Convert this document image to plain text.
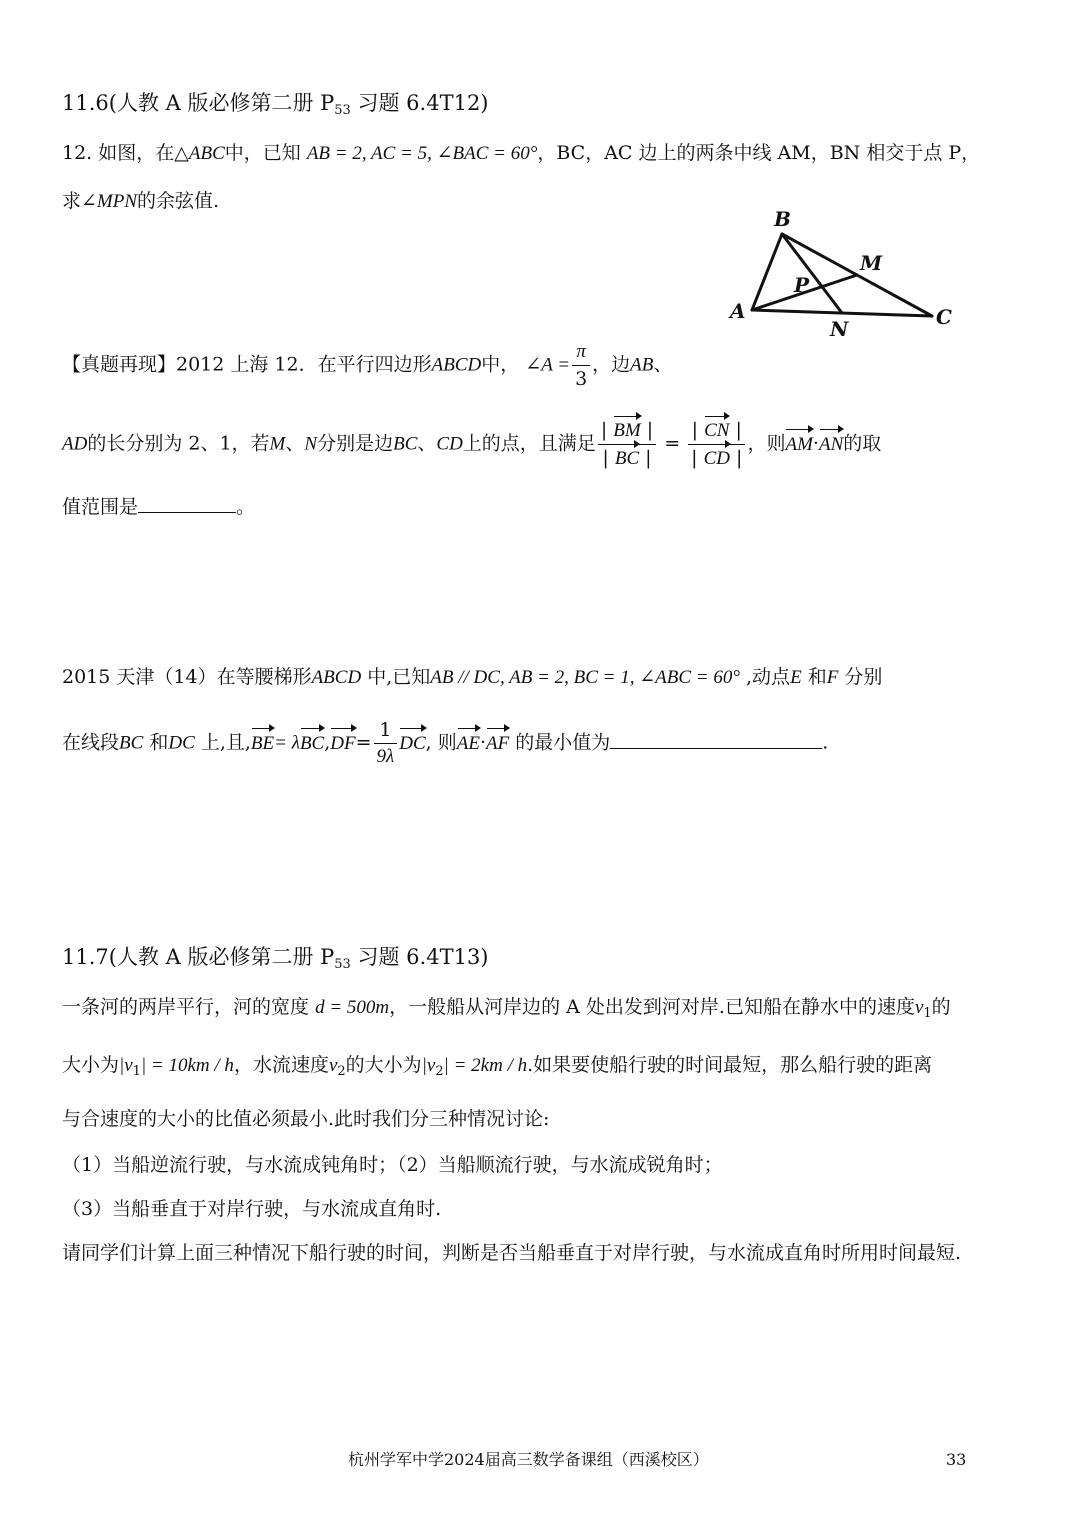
11.6(人教 A 版必修第二册 $P_{53}$ 习题 6.4T12)
12. 如图，在△ABC中，已知 AB = 2, AC = 5, ∠BAC = 60°，BC，AC 边上的两条中线 AM，BN 相交于点 P，
求∠MPN的余弦值.
A
B
C
M
N
P
【真题再现】2012 上海 12．在平行四边形ABCD中， ∠A = $\frac{\pi}{3}$ ，边AB、
AD的长分别为 2、1，若M、N分别是边BC、CD上的点，且满足 $\frac{| BM |}{| BC |} = \frac{| CN |}{| CD |}$ ，则AM·AN的取
值范围是	。
2015 天津（14）在等腰梯形ABCD 中,已知AB // DC, AB = 2, BC = 1, ∠ABC = 60° ,动点E 和F 分别
在线段BC 和DC 上,且$,BE= \lambda BC,DF= \frac{1}{9\lambda}$ DC, 则AE·AF 的最小值为	.
11.7(人教 A 版必修第二册 $P_{53}$ 习题 6.4T13)
一条河的两岸平行，河的宽度 d = 500m，一般船从河岸边的 A 处出发到河对岸.已知船在静水中的速度$v_1$的
大小为$|v_1| = 10km / h$，水流速度$v_2$的大小为$|v_2| = 2km / h$.如果要使船行驶的时间最短，那么船行驶的距离
与合速度的大小的比值必须最小.此时我们分三种情况讨论:
（1）当船逆流行驶，与水流成钝角时；（2）当船顺流行驶，与水流成锐角时；
（3）当船垂直于对岸行驶，与水流成直角时.
请同学们计算上面三种情况下船行驶的时间，判断是否当船垂直于对岸行驶，与水流成直角时所用时间最短.
杭州学军中学2024届高三数学备课组（西溪校区）	33
